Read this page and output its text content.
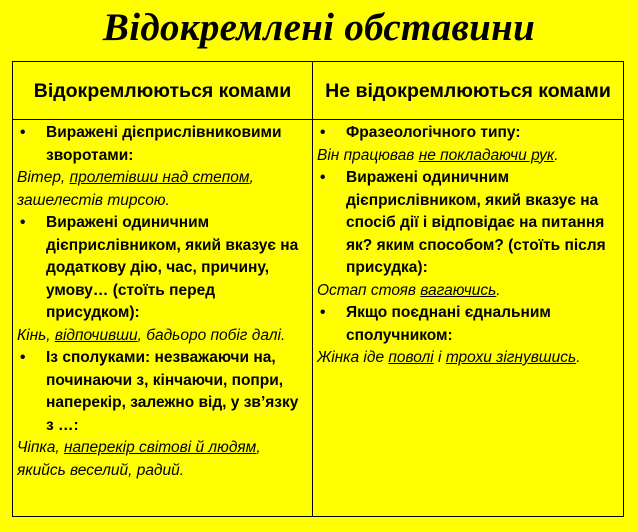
Відокремлені обставини
Відокремлюються комами	Не відокремлюються комами
• Виражені дієприслівниковими зворотами:
Вітер, пролетівши над степом, зашелестів тирсою.
• Виражені одиничним дієприслівником, який вказує на додаткову дію, час, причину, умову… (стоїть перед присудком):
Кінь, відпочивши, бадьоро побіг далі.
• Із сполуками: незважаючи на, починаючи з, кінчаючи, попри, наперекір, залежно від, у зв’язку з …:
Чіпка, наперекір світові й людям, якийсь веселий, радий.
• Фразеологічного типу:
Він працював не покладаючи рук.
• Виражені одиничним дієприслівником, який вказує на спосіб дії і відповідає на питання як? яким способом? (стоїть після присудка):
Остап стояв вагаючись.
• Якщо поєднані єднальним сполучником:
Жінка іде поволі і трохи зігнувшись.
